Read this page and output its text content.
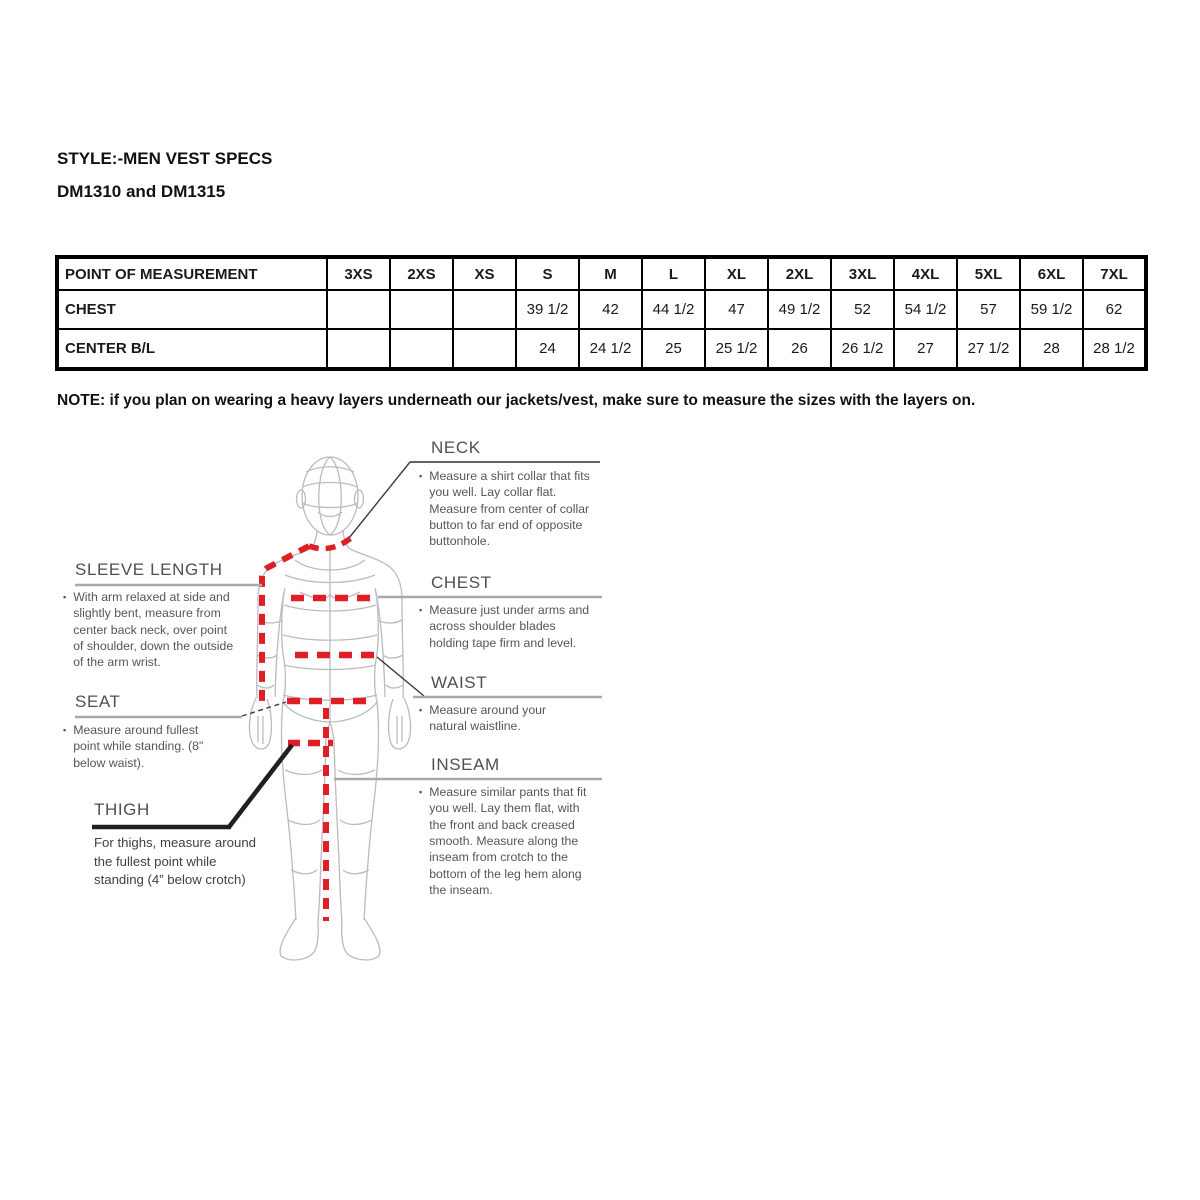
STYLE:-MEN VEST SPECS
DM1310 and DM1315
POINT OF MEASUREMENT	3XS	2XS	XS	S	M	L	XL	2XL	3XL	4XL	5XL	6XL	7XL
CHEST				39 1/2	42	44 1/2	47	49 1/2	52	54 1/2	57	59 1/2	62
CENTER B/L				24	24 1/2	25	25 1/2	26	26 1/2	27	27 1/2	28	28 1/2
NOTE: if you plan on wearing a heavy layers underneath our jackets/vest, make sure to measure the sizes with the layers on.
NECK
▪ Measure a shirt collar that fits you well. Lay collar flat. Measure from center of collar button to far end of opposite buttonhole.
CHEST
▪ Measure just under arms and across shoulder blades holding tape firm and level.
WAIST
▪ Measure around your natural waistline.
INSEAM
▪ Measure similar pants that fit you well. Lay them flat, with the front and back creased smooth. Measure along the inseam from crotch to the bottom of the leg hem along the inseam.
SLEEVE LENGTH
▪ With arm relaxed at side and slightly bent, measure from center back neck, over point of shoulder, down the outside of the arm wrist.
SEAT
▪ Measure around fullest point while standing. (8" below waist).
THIGH
For thighs, measure around the fullest point while standing (4” below crotch)
